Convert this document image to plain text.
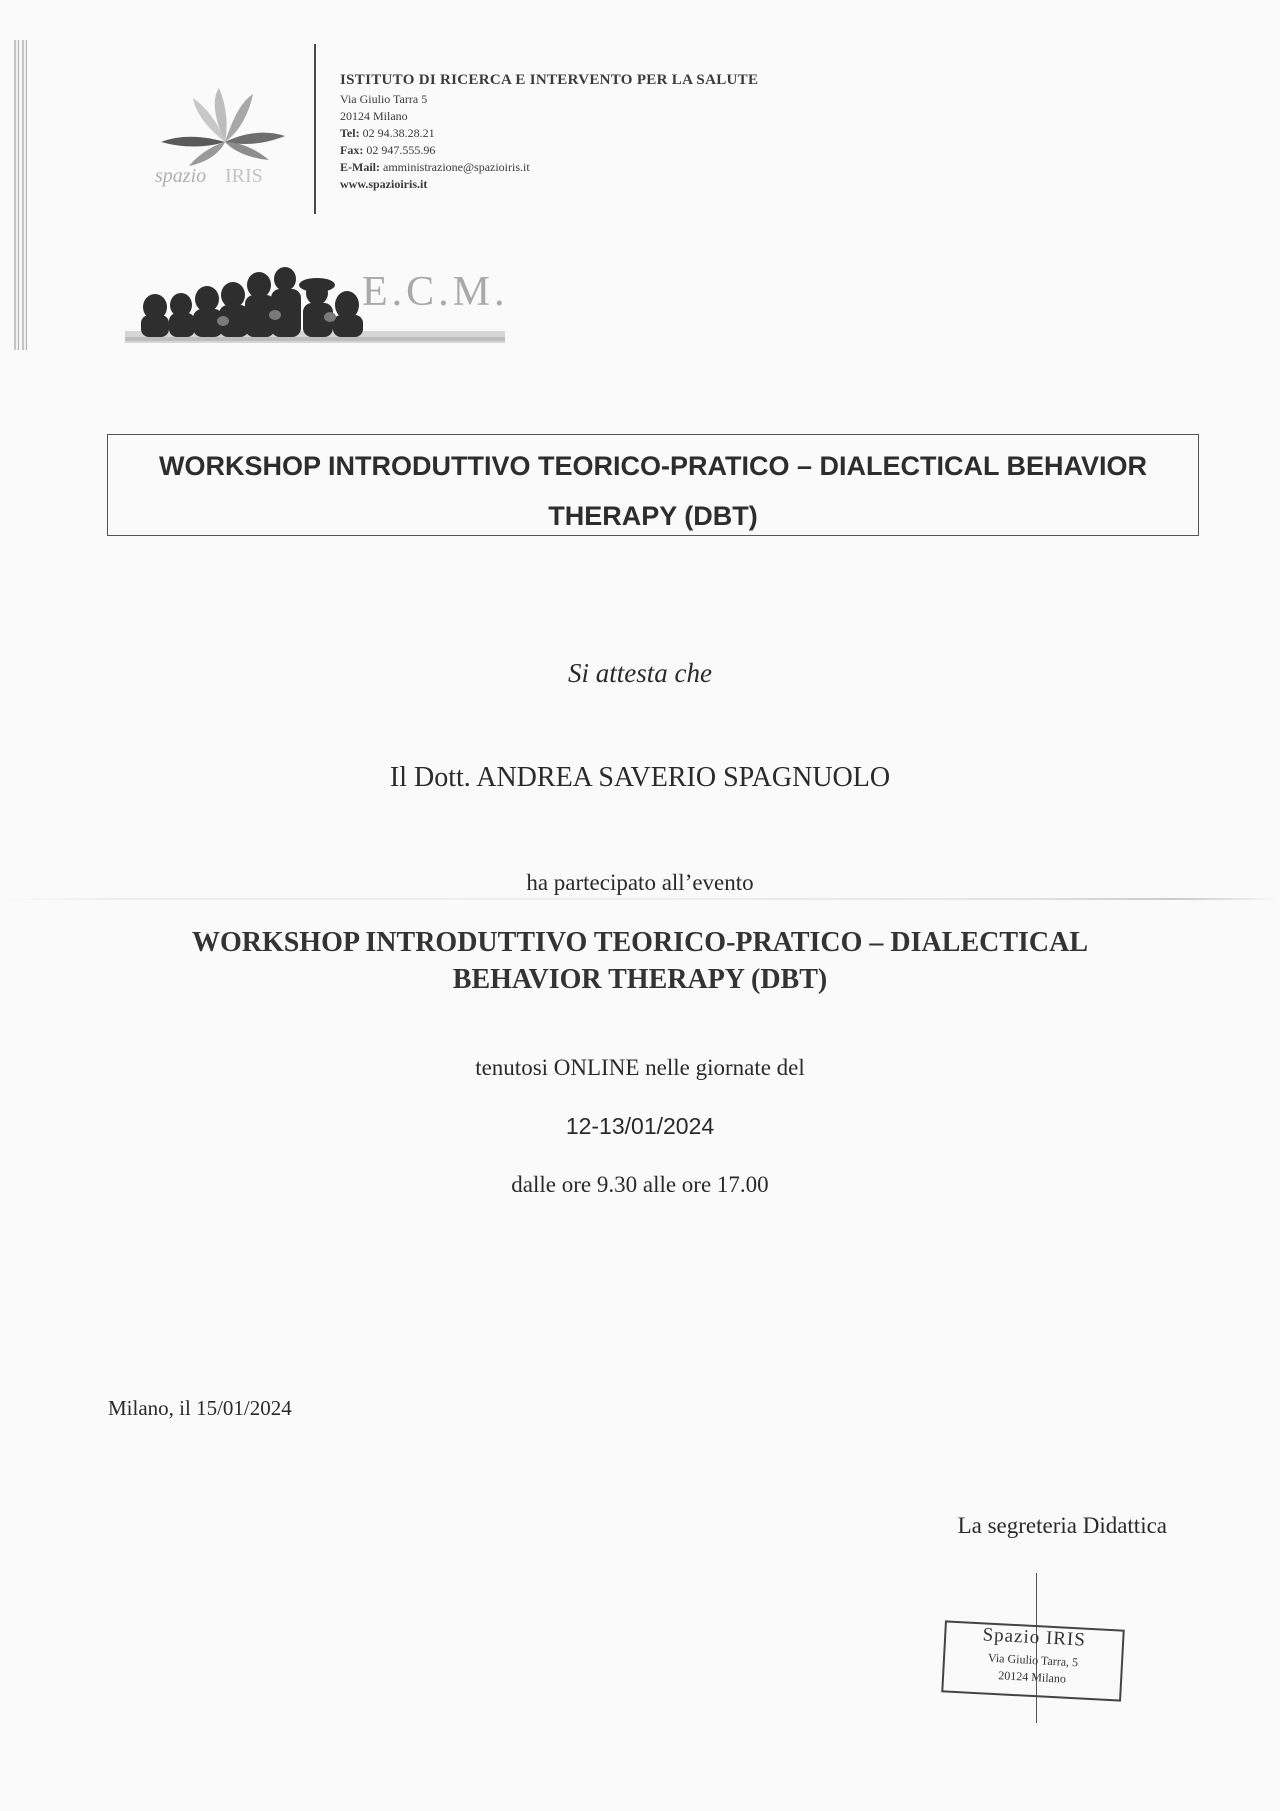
spazio IRIS
ISTITUTO DI RICERCA E INTERVENTO PER LA SALUTE
Via Giulio Tarra 5
20124 Milano
Tel: 02 94.38.28.21
Fax: 02 947.555.96
E-Mail: amministrazione@spazioiris.it
www.spazioiris.it
E.C.M.

WORKSHOP INTRODUTTIVO TEORICO-PRATICO – DIALECTICAL BEHAVIOR
THERAPY (DBT)

Si attesta che
Il Dott. ANDREA SAVERIO SPAGNUOLO
ha partecipato all’evento
WORKSHOP INTRODUTTIVO TEORICO-PRATICO – DIALECTICAL
BEHAVIOR THERAPY (DBT)
tenutosi ONLINE nelle giornate del
12-13/01/2024
dalle ore 9.30 alle ore 17.00
Milano, il 15/01/2024
La segreteria Didattica
Spazio IRIS
Via Giulio Tarra, 5
20124 Milano
